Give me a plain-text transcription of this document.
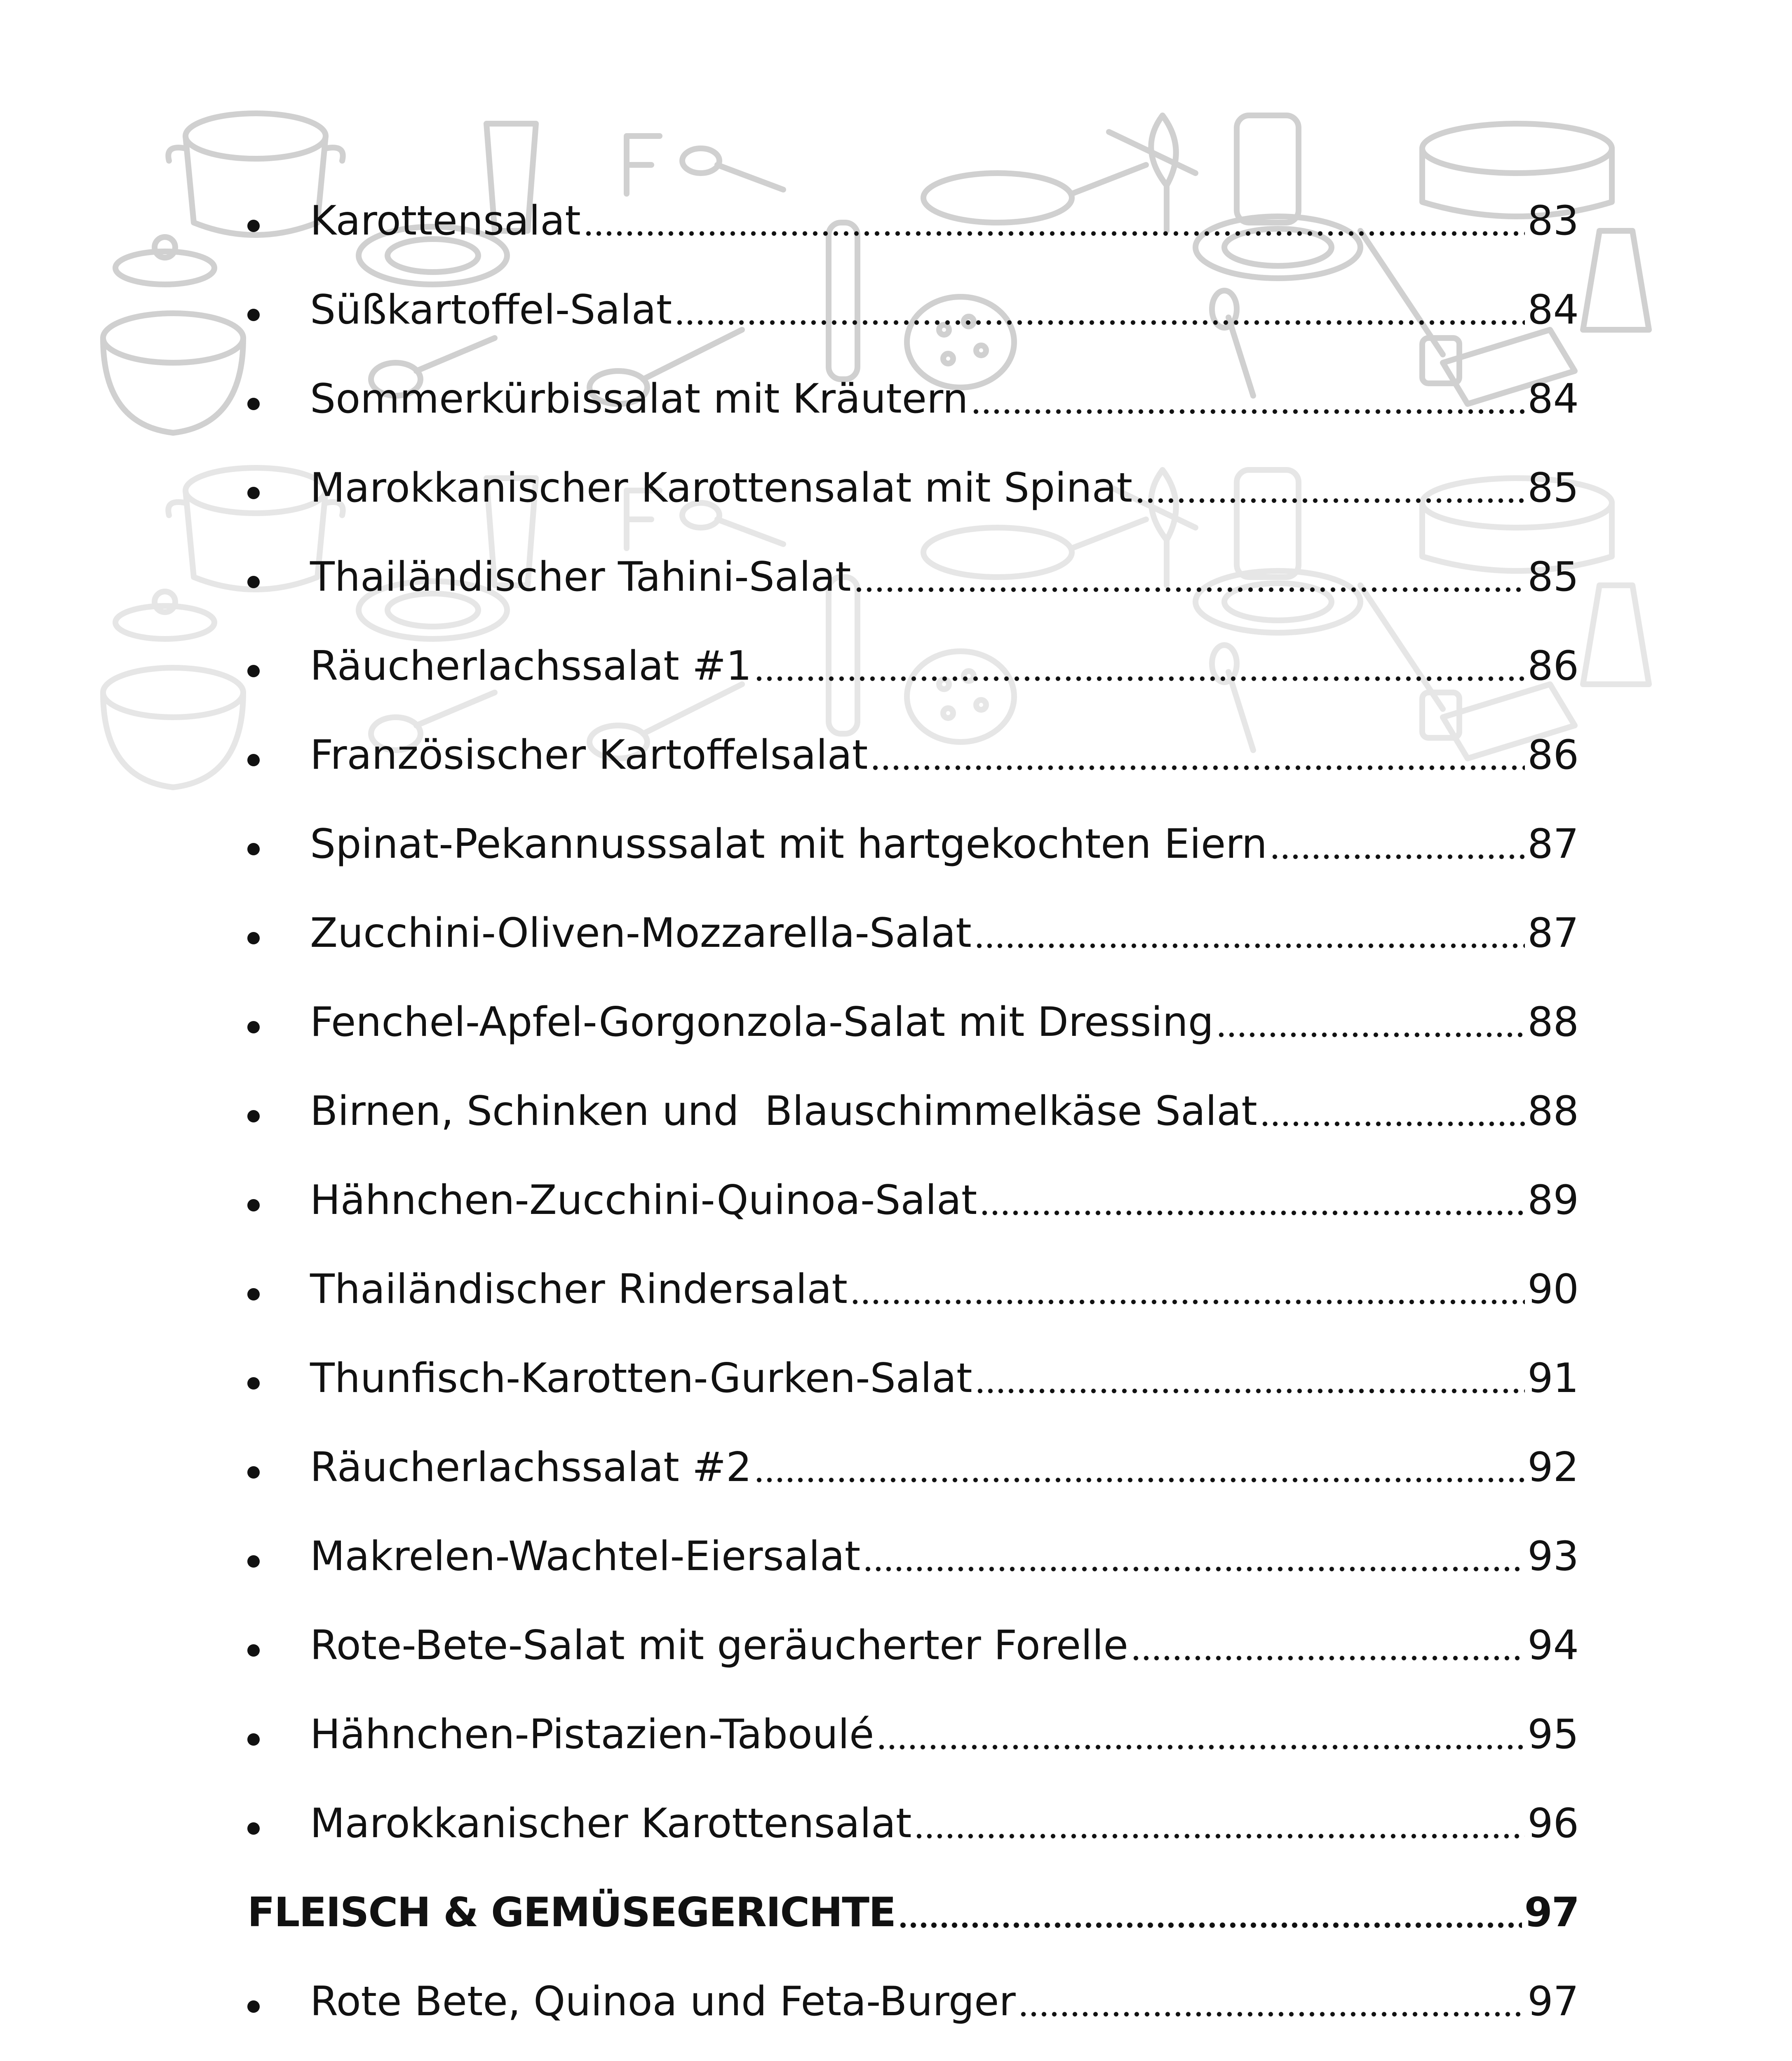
Karottensalat	83
Süßkartoffel-Salat	84
Sommerkürbissalat mit Kräutern	84
Marokkanischer Karottensalat mit Spinat	85
Thailändischer Tahini-Salat	85
Räucherlachssalat #1	86
Französischer Kartoffelsalat	86
Spinat-Pekannusssalat mit hartgekochten Eiern	87
Zucchini-Oliven-Mozzarella-Salat	87
Fenchel-Apfel-Gorgonzola-Salat mit Dressing	88
Birnen, Schinken und  Blauschimmelkäse Salat	88
Hähnchen-Zucchini-Quinoa-Salat	89
Thailändischer Rindersalat	90
Thunfisch-Karotten-Gurken-Salat	91
Räucherlachssalat #2	92
Makrelen-Wachtel-Eiersalat	93
Rote-Bete-Salat mit geräucherter Forelle	94
Hähnchen-Pistazien-Taboulé	95
Marokkanischer Karottensalat	96
FLEISCH & GEMÜSEGERICHTE	97
Rote Bete, Quinoa und Feta-Burger	97
